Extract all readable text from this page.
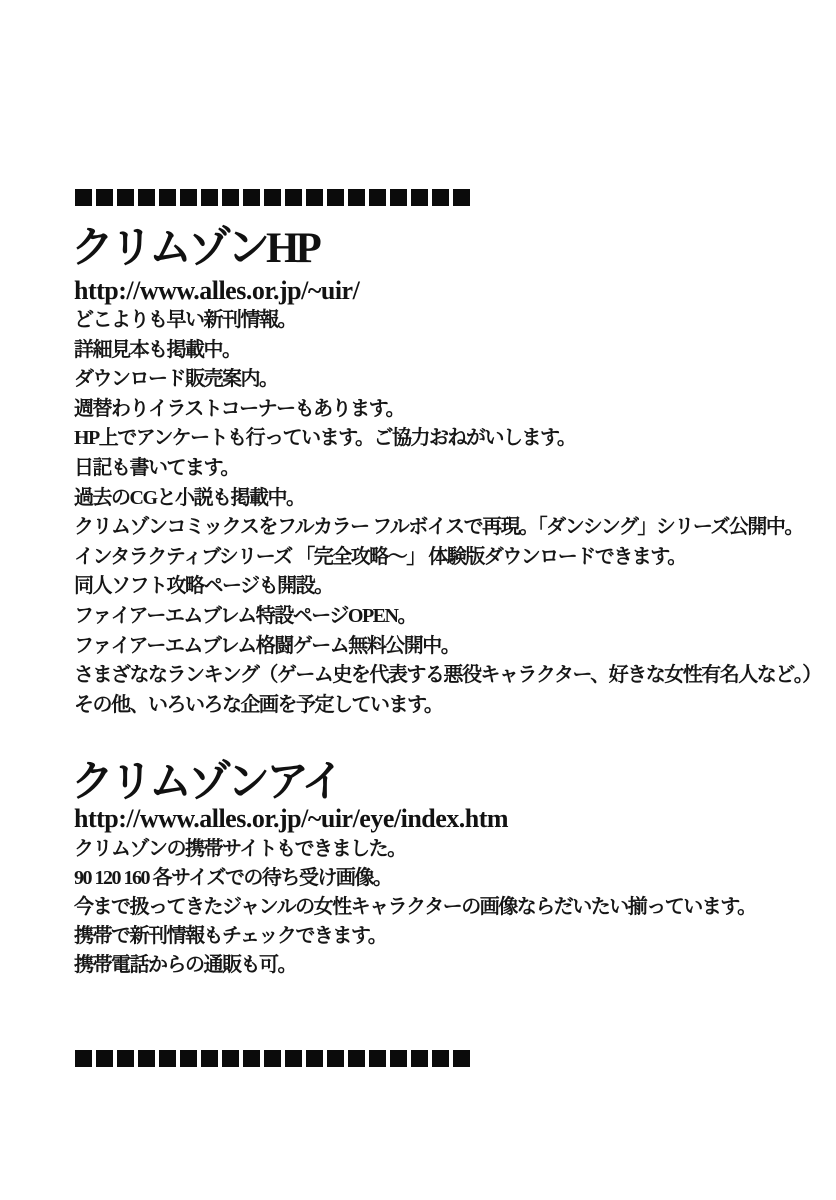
クリムゾンHP
http://www.alles.or.jp/~uir/
どこよりも早い新刊情報。
詳細見本も掲載中。
ダウンロード販売案内。
週替わりイラストコーナーもあります。
HP上でアンケートも行っています。ご協力おねがいします。
日記も書いてます。
過去のCGと小説も掲載中。
クリムゾンコミックスをフルカラー フルボイスで再現。「ダンシング」シリーズ公開中。
インタラクティブシリーズ 「完全攻略～」 体験版ダウンロードできます。
同人ソフト攻略ページも開設。
ファイアーエムブレム特設ページOPEN。
ファイアーエムブレム格闘ゲーム無料公開中。
さまざななランキング（ゲーム史を代表する悪役キャラクター、好きな女性有名人など。）
その他、いろいろな企画を予定しています。
クリムゾンアイ
http://www.alles.or.jp/~uir/eye/index.htm
クリムゾンの携帯サイトもできました。
90 120 160 各サイズでの待ち受け画像。
今まで扱ってきたジャンルの女性キャラクターの画像ならだいたい揃っています。
携帯で新刊情報もチェックできます。
携帯電話からの通販も可。
